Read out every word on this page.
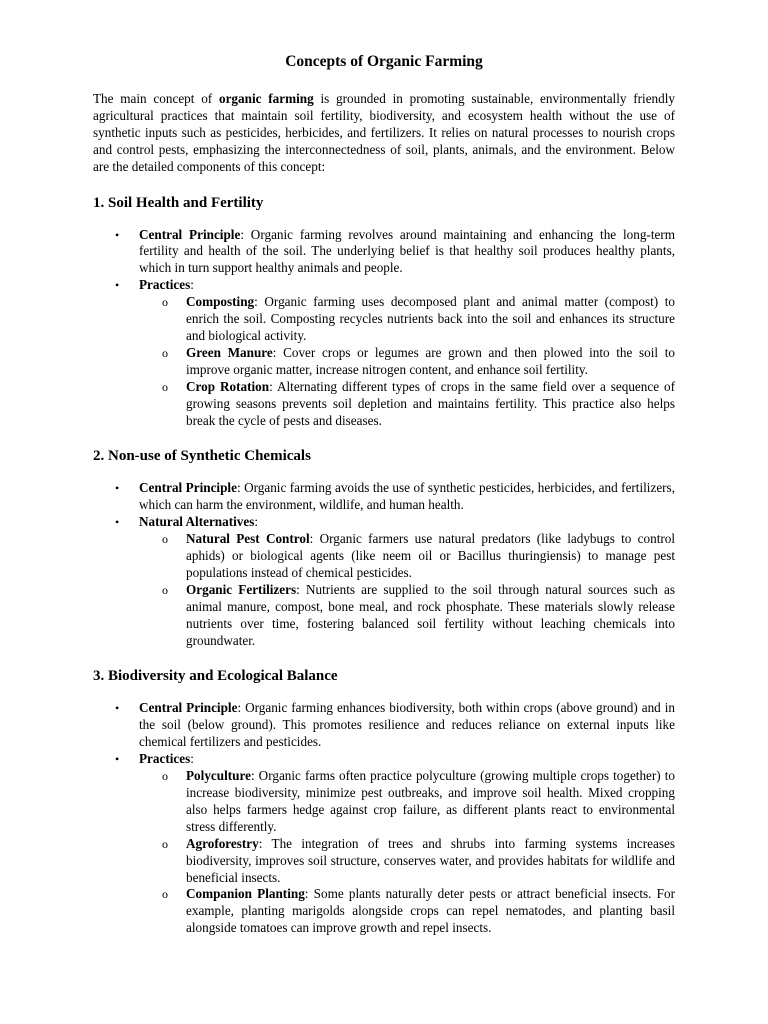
Concepts of Organic Farming

The main concept of organic farming is grounded in promoting sustainable, environmentally friendly agricultural practices that maintain soil fertility, biodiversity, and ecosystem health without the use of synthetic inputs such as pesticides, herbicides, and fertilizers. It relies on natural processes to nourish crops and control pests, emphasizing the interconnectedness of soil, plants, animals, and the environment. Below are the detailed components of this concept:

1. Soil Health and Fertility
• Central Principle: Organic farming revolves around maintaining and enhancing the long-term fertility and health of the soil. The underlying belief is that healthy soil produces healthy plants, which in turn support healthy animals and people.
• Practices:
o Composting: Organic farming uses decomposed plant and animal matter (compost) to enrich the soil. Composting recycles nutrients back into the soil and enhances its structure and biological activity.
o Green Manure: Cover crops or legumes are grown and then plowed into the soil to improve organic matter, increase nitrogen content, and enhance soil fertility.
o Crop Rotation: Alternating different types of crops in the same field over a sequence of growing seasons prevents soil depletion and maintains fertility. This practice also helps break the cycle of pests and diseases.
2. Non-use of Synthetic Chemicals
• Central Principle: Organic farming avoids the use of synthetic pesticides, herbicides, and fertilizers, which can harm the environment, wildlife, and human health.
• Natural Alternatives:
o Natural Pest Control: Organic farmers use natural predators (like ladybugs to control aphids) or biological agents (like neem oil or Bacillus thuringiensis) to manage pest populations instead of chemical pesticides.
o Organic Fertilizers: Nutrients are supplied to the soil through natural sources such as animal manure, compost, bone meal, and rock phosphate. These materials slowly release nutrients over time, fostering balanced soil fertility without leaching chemicals into groundwater.
3. Biodiversity and Ecological Balance
• Central Principle: Organic farming enhances biodiversity, both within crops (above ground) and in the soil (below ground). This promotes resilience and reduces reliance on external inputs like chemical fertilizers and pesticides.
• Practices:
o Polyculture: Organic farms often practice polyculture (growing multiple crops together) to increase biodiversity, minimize pest outbreaks, and improve soil health. Mixed cropping also helps farmers hedge against crop failure, as different plants react to environmental stress differently.
o Agroforestry: The integration of trees and shrubs into farming systems increases biodiversity, improves soil structure, conserves water, and provides habitats for wildlife and beneficial insects.
o Companion Planting: Some plants naturally deter pests or attract beneficial insects. For example, planting marigolds alongside crops can repel nematodes, and planting basil alongside tomatoes can improve growth and repel insects.
